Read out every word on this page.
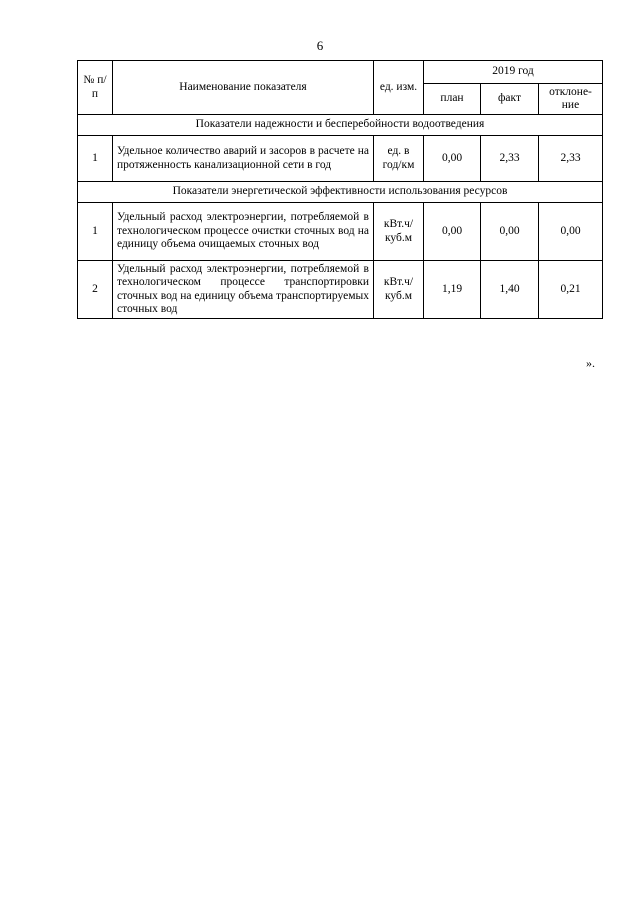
6
№ п/п	Наименование показателя	ед. изм.	2019 год		
			план	факт	отклоне-ние
Показатели надежности и бесперебойности водоотведения					
1	Удельное количество аварий и засоров в расчете на протяженность канализационной сети в год	ед. в год/км	0,00	2,33	2,33
Показатели энергетической эффективности использования ресурсов					
1	Удельный расход электроэнергии, потребляемой в технологическом процессе очистки сточных вод на единицу объема очищаемых сточных вод	кВт.ч/куб.м	0,00	0,00	0,00
2	Удельный расход электроэнергии, потребляемой в технологическом процессе транспортировки сточных вод на единицу объема транспортируемых сточных вод	кВт.ч/куб.м	1,19	1,40	0,21
».
